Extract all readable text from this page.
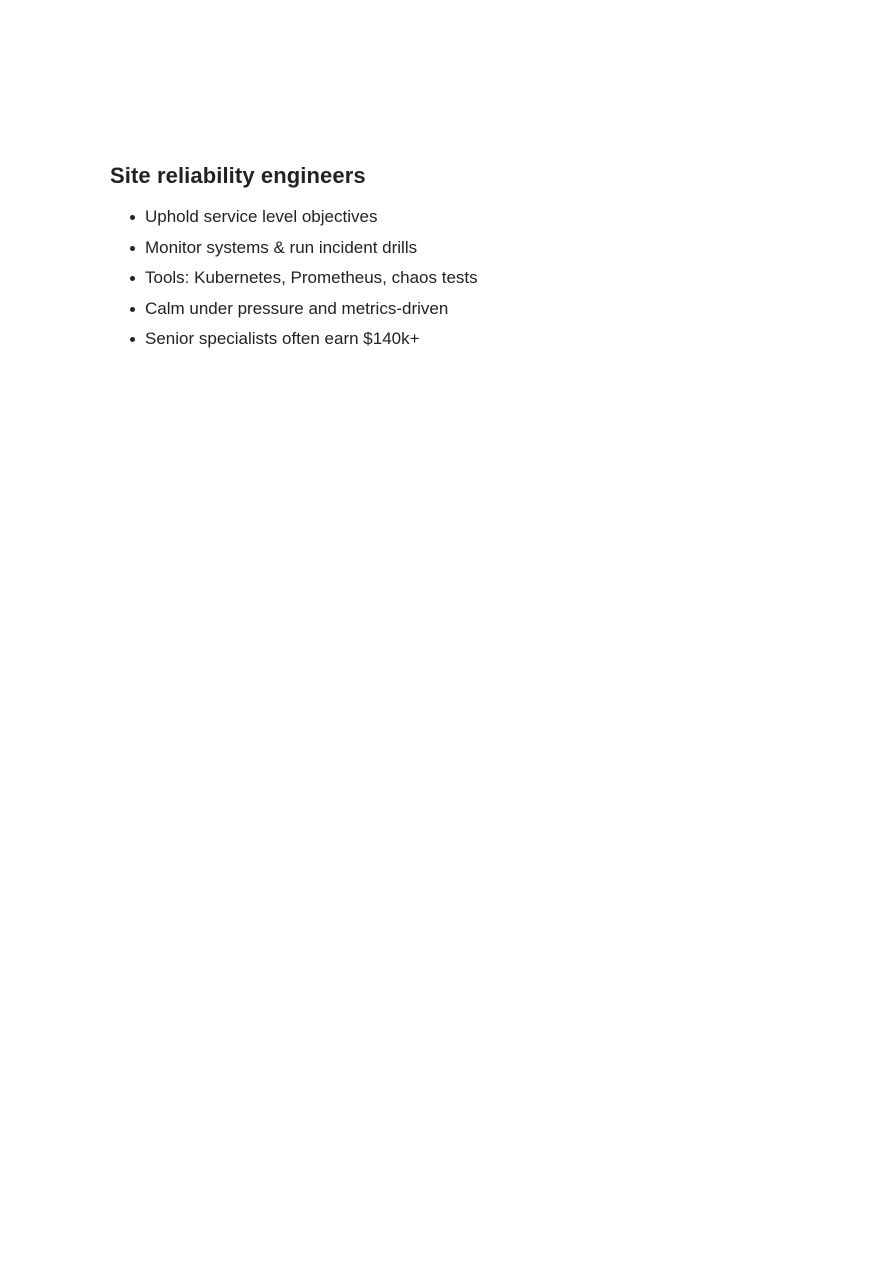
Site reliability engineers
Uphold service level objectives
Monitor systems & run incident drills
Tools: Kubernetes, Prometheus, chaos tests
Calm under pressure and metrics-driven
Senior specialists often earn $140k+
